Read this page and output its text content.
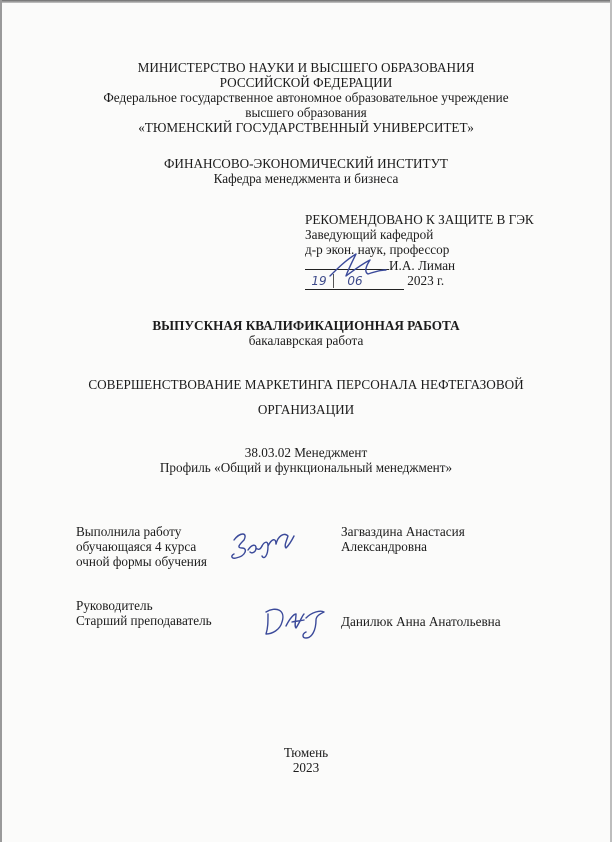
МИНИСТЕРСТВО НАУКИ И ВЫСШЕГО ОБРАЗОВАНИЯ
РОССИЙСКОЙ ФЕДЕРАЦИИ
Федеральное государственное автономное образовательное учреждение
высшего образования
«ТЮМЕНСКИЙ ГОСУДАРСТВЕННЫЙ УНИВЕРСИТЕТ»
ФИНАНСОВО-ЭКОНОМИЧЕСКИЙ ИНСТИТУТ
Кафедра менеджмента и бизнеса
РЕКОМЕНДОВАНО К ЗАЩИТЕ В ГЭК
Заведующий кафедрой
д-р экон. наук, профессор
И.А. Лиман
19 06	2023 г.
ВЫПУСКНАЯ КВАЛИФИКАЦИОННАЯ РАБОТА
бакалаврская работа
СОВЕРШЕНСТВОВАНИЕ МАРКЕТИНГА ПЕРСОНАЛА НЕФТЕГАЗОВОЙ
ОРГАНИЗАЦИИ
38.03.02 Менеджмент
Профиль «Общий и функциональный менеджмент»
Выполнила работу
обучающаяся 4 курса
очной формы обучения
Загваздина Анастасия
Александровна
Руководитель
Старший преподаватель	Данилюк Анна Анатольевна
Тюмень
2023
